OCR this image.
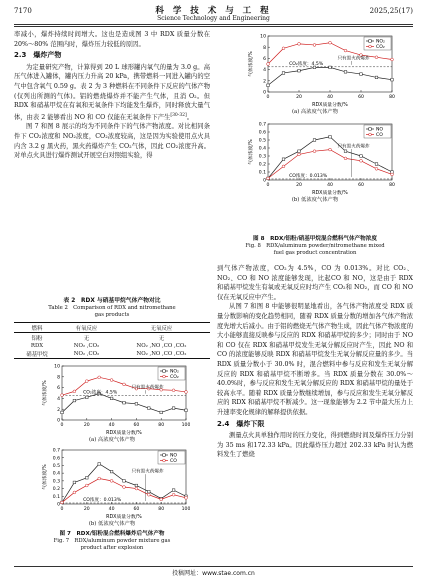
7170	科 学 技 术 与 工 程
Science Technology and Engineering
2025,25(17)

率减小，爆炸持续时间增大。这也是造成图 3 中 RDX 质量分数在 20%～80% 范围内时，爆炸压力较低的原因。

2.3　爆炸产物

为定量研究产物，计算得到 20 L 球形罐内氧气的量为 3.0 g。高压气体进入罐体，罐内压力升高 20 kPa，携带燃料一同进入罐内的空气中包含氧气 0.59 g。表 2 为 3 种燃料在不同条件下反应的气体产物(仅列出所测的气体)。铝的燃烧爆炸并不能产生气体，且消 O₂。但 RDX 和硝基甲烷在有氧和无氧条件下均能发生爆炸，同时释放大量气体，由表 2 能够看出 NO 和 CO 仅能在无氧条件下产生[30-32]。

图 7 和图 8 展示的均为不同条件下的气体产物浓度。对比相同条件下 CO₂浓度和 NO₂浓度，CO₂浓度较高，这是因为实验使用点火具内含 3.2 g 黑火药，黑火药爆炸产生 CO₂气体，因此 CO₂浓度升高。对单点火具进行爆炸测试开展空白对照组实验，得

表 2　RDX 与硝基甲烷气体产物对比
Table 2　Comparison of RDX and nitromethane
gas products
燃料	有氧反应	无氧反应
铝粉	无	无
RDX	NO₂ ,CO₂	NO₂ ,NO ,CO ,CO₂
硝基甲烷	NO₂ ,CO₂	NO₂ ,NO ,CO ,CO₂
0
2
4
6
8
10
0	20	40	60	80	100
RDX质量分数/%
气体浓度/%
NO₂
CO₂
只有黑火药爆炸
CO₂浓度：4.5%
(a) 高浓度气体产物
0
0.1
0.2
0.3
0.4
0.5
0.6
0.7
0	20	40	60	80	100
RDX质量分数/%
气体浓度/%
NO
CO
只有黑火药爆炸
CO浓度：0.013%
(b) 低浓度气体产物
图 7　RDX/铝粉混合燃料爆炸后气体产物
Fig. 7　RDX/aluminum powder mixture gas
product after explosion
0
2
4
6
8
10
0	20	40	60	80
RDX质量分数/%
气体浓度/%
NO₂
CO₂
只有黑火药爆炸
CO₂浓度：4.5%
(a) 高浓度气体产物
0
0.1
0.2
0.3
0.4
0.5
0.6
0.7
0	20	40	60	80
RDX质量分数/%
气体浓度/%
NO
CO
只有黑火药爆炸
CO浓度：0.013%
(b) 低浓度气体产物
图 8　RDX/铝粉/硝基甲烷混合燃料气体产物浓度
Fig. 8　RDX/aluminum powder/nitromethane mixed
fuel gas product concentration

到气体产物浓度，CO₂为 4.5%，CO 为 0.013%。对比 CO₂、NO₂、CO 和 NO 浓度能够发现，比起CO 和 NO，这是由于 RDX 和硝基甲烷发生有氧或无氧反应时均产生 CO₂和 NO₂，而 CO 和 NO 仅在无氧反应中产生。

从图 7 和图 8 中能够很明显地看出，各气体产物浓度受 RDX 质量分数影响的变化趋势相同，随着 RDX 质量分数的增加各气体产物浓度先增大后减小。由于铝的燃烧无气体产物生成，因此气体产物浓度的大小能够直接反映参与反应的 RDX 和硝基甲烷的多少；同时由于 NO 和 CO 仅在 RDX 和硝基甲烷发生无氧分解反应时产生，因此 NO 和 CO 的浓度能够反映 RDX 和硝基甲烷发生无氧分解反应量的多少。当 RDX 质量分数小于 30.0% 时，混合燃料中参与反应和发生无氧分解反应的 RDX 和硝基甲烷不断增多。当 RDX 质量分数在 30.0%～40.0%时，参与反应和发生无氧分解反应的 RDX 和硝基甲烷的量处于较高水平。随着 RDX 质量分数继续增加，参与反应和发生无氧分解反应的 RDX 和硝基甲烷不断减少。这一现象能够为 2.2 节中最大压力上升速率变化规律的解释提供依据。

2.4　爆炸下限

测量点火具单独作用时的压力变化，得到燃烧时间及爆炸压力分别为 35 ms 和172.33 kPa。因此爆炸压力超过 202.33 kPa 时认为燃料发生了燃烧

投稿网址：www.stae.com.cn
